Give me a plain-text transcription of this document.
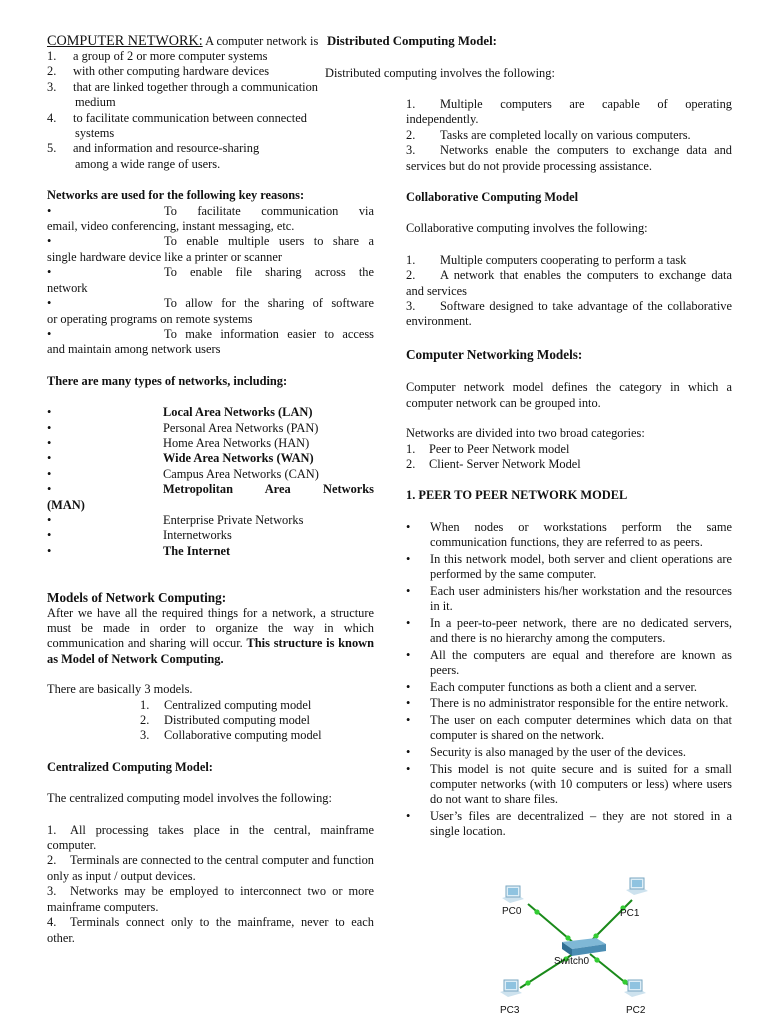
COMPUTER NETWORK: A computer network is
1. a group of 2 or more computer systems
2. with other computing hardware devices
3. that are linked together through a communication
medium
4. to facilitate communication between connected
systems
5. and information and resource-sharing
among a wide range of users.

Networks are used for the following key reasons:

•	To facilitate communication via
email, video conferencing, instant messaging, etc.
•	To enable multiple users to share a
single hardware device like a printer or scanner
•	To enable file sharing across the
network
•	To allow for the sharing of software
or operating programs on remote systems
•	To make information easier to access
and maintain among network users

There are many types of networks, including:

•	Local Area Networks (LAN)
•	Personal Area Networks (PAN)
•	Home Area Networks (HAN)
•	Wide Area Networks (WAN)
•	Campus Area Networks (CAN)
•	Metropolitan Area Networks
(MAN)
•	Enterprise Private Networks
•	Internetworks
•	The Internet

Models of Network Computing:

After we have all the required things for a network, a structure must be made in order to organize the way in which communication and sharing will occur. This structure is known as Model of Network Computing.

There are basically 3 models.

1. Centralized computing model
2. Distributed computing model
3. Collaborative computing model

Centralized Computing Model:

The centralized computing model involves the following:

1. All processing takes place in the central, mainframe computer.
2. Terminals are connected to the central computer and function only as input / output devices.
3. Networks may be employed to interconnect two or more mainframe computers.
4. Terminals connect only to the mainframe, never to each other.

Distributed Computing Model:

Distributed computing involves the following:

1. Multiple computers are capable of operating independently.
2. Tasks are completed locally on various computers.
3. Networks enable the computers to exchange data and services but do not provide processing assistance.

Collaborative Computing Model

Collaborative computing involves the following:

1. Multiple computers cooperating to perform a task
2. A network that enables the computers to exchange data and services
3. Software designed to take advantage of the collaborative environment.

Computer Networking Models:

Computer network model defines the category in which a computer network can be grouped into.

Networks are divided into two broad categories:

1. Peer to Peer Network model
2. Client- Server Network Model

1. PEER TO PEER NETWORK MODEL

• When nodes or workstations perform the same communication functions, they are referred to as peers.
• In this network model, both server and client operations are performed by the same computer.
• Each user administers his/her workstation and the resources in it.
• In a peer-to-peer network, there are no dedicated servers, and there is no hierarchy among the computers.
• All the computers are equal and therefore are known as peers.
• Each computer functions as both a client and a server.
• There is no administrator responsible for the entire network.
• The user on each computer determines which data on that computer is shared on the network.
• Security is also managed by the user of the devices.
• This model is not quite secure and is suited for a small computer networks (with 10 computers or less) where users do not want to share files.
• User’s files are decentralized – they are not stored in a single location.
Switch0
PC0	PC1
PC3	PC2
